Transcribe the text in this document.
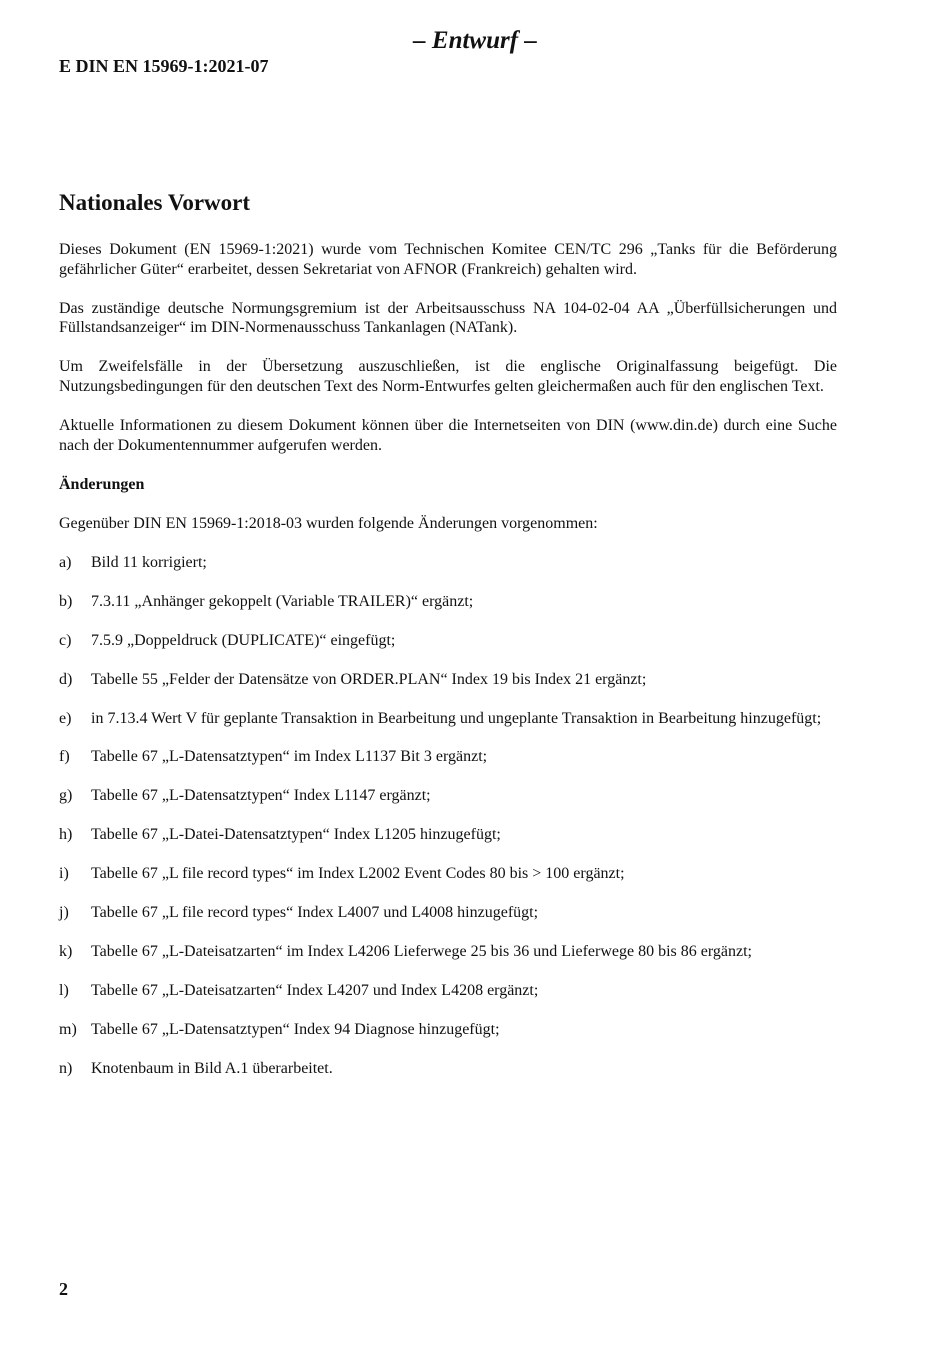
– Entwurf –
E DIN EN 15969-1:2021-07
Nationales Vorwort

Dieses Dokument (EN 15969-1:2021) wurde vom Technischen Komitee CEN/TC 296 „Tanks für die Beförderung gefährlicher Güter“ erarbeitet, dessen Sekretariat von AFNOR (Frankreich) gehalten wird.

Das zuständige deutsche Normungsgremium ist der Arbeitsausschuss NA 104-02-04 AA „Überfüllsicherungen und Füllstandsanzeiger“ im DIN-Normenausschuss Tankanlagen (NATank).

Um Zweifelsfälle in der Übersetzung auszuschließen, ist die englische Originalfassung beigefügt. Die Nutzungsbedingungen für den deutschen Text des Norm-Entwurfes gelten gleichermaßen auch für den englischen Text.

Aktuelle Informationen zu diesem Dokument können über die Internetseiten von DIN (www.din.de) durch eine Suche nach der Dokumentennummer aufgerufen werden.

Änderungen

Gegenüber DIN EN 15969-1:2018-03 wurden folgende Änderungen vorgenommen:

a)	Bild 11 korrigiert;
b)	7.3.11 „Anhänger gekoppelt (Variable TRAILER)“ ergänzt;
c)	7.5.9 „Doppeldruck (DUPLICATE)“ eingefügt;
d)	Tabelle 55 „Felder der Datensätze von ORDER.PLAN“ Index 19 bis Index 21 ergänzt;
e)	in 7.13.4 Wert V für geplante Transaktion in Bearbeitung und ungeplante Transaktion in Bearbeitung hinzugefügt;
f)	Tabelle 67 „L-Datensatztypen“ im Index L1137 Bit 3 ergänzt;
g)	Tabelle 67 „L-Datensatztypen“ Index L1147 ergänzt;
h)	Tabelle 67 „L-Datei-Datensatztypen“ Index L1205 hinzugefügt;
i)	Tabelle 67 „L file record types“ im Index L2002 Event Codes 80 bis > 100 ergänzt;
j)	Tabelle 67 „L file record types“ Index L4007 und L4008 hinzugefügt;
k)	Tabelle 67 „L-Dateisatzarten“ im Index L4206 Lieferwege 25 bis 36 und Lieferwege 80 bis 86 ergänzt;
l)	Tabelle 67 „L-Dateisatzarten“ Index L4207 und Index L4208 ergänzt;
m) Tabelle 67 „L-Datensatztypen“ Index 94 Diagnose hinzugefügt;
n)	Knotenbaum in Bild A.1 überarbeitet.
2
